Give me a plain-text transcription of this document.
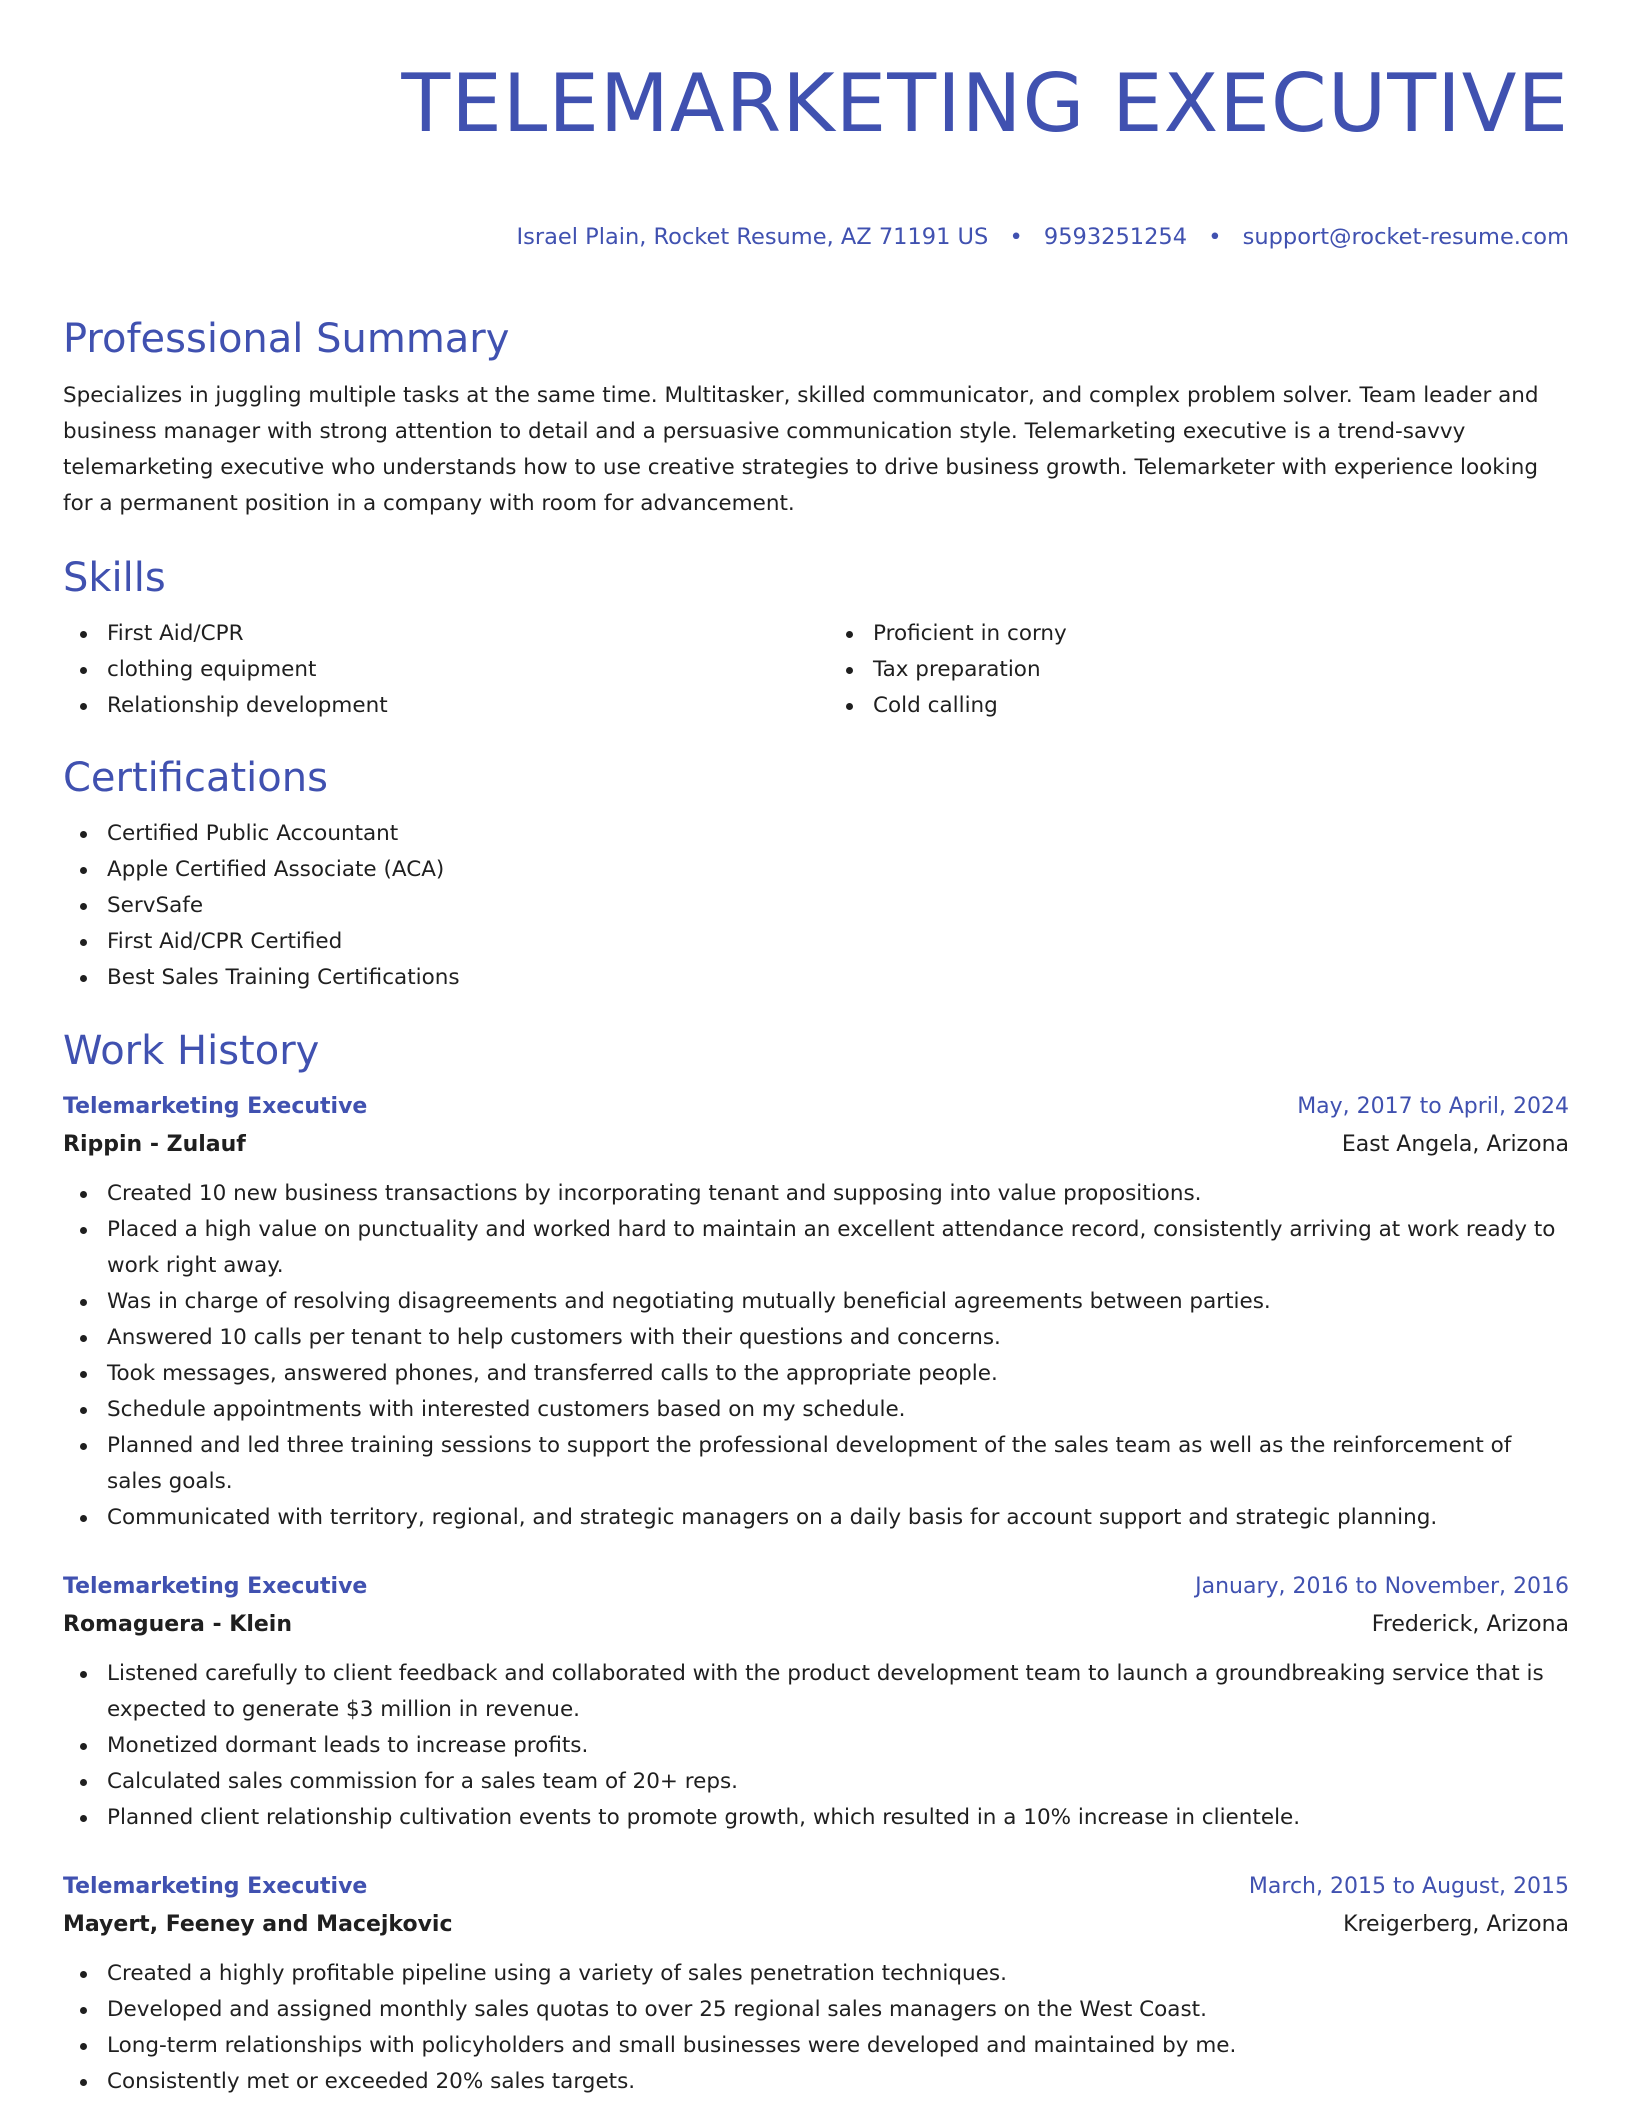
TELEMARKETING EXECUTIVE
Israel Plain, Rocket Resume, AZ 71191 US • 9593251254 • support@rocket-resume.com
Professional Summary

Specializes in juggling multiple tasks at the same time. Multitasker, skilled communicator, and complex problem solver. Team leader and business manager with strong attention to detail and a persuasive communication style. Telemarketing executive is a trend-savvy telemarketing executive who understands how to use creative strategies to drive business growth. Telemarketer with experience looking for a permanent position in a company with room for advancement.

Skills
First Aid/CPR
clothing equipment
Relationship development
Proficient in corny
Tax preparation
Cold calling
Certifications
Certified Public Accountant
Apple Certified Associate (ACA)
ServSafe
First Aid/CPR Certified
Best Sales Training Certifications
Work History
Telemarketing Executive	May, 2017 to April, 2024
Rippin - Zulauf	East Angela, Arizona
Created 10 new business transactions by incorporating tenant and supposing into value propositions.
Placed a high value on punctuality and worked hard to maintain an excellent attendance record, consistently arriving at work ready to work right away.
Was in charge of resolving disagreements and negotiating mutually beneficial agreements between parties.
Answered 10 calls per tenant to help customers with their questions and concerns.
Took messages, answered phones, and transferred calls to the appropriate people.
Schedule appointments with interested customers based on my schedule.
Planned and led three training sessions to support the professional development of the sales team as well as the reinforcement of sales goals.
Communicated with territory, regional, and strategic managers on a daily basis for account support and strategic planning.
Telemarketing Executive	January, 2016 to November, 2016
Romaguera - Klein	Frederick, Arizona
Listened carefully to client feedback and collaborated with the product development team to launch a groundbreaking service that is expected to generate $3 million in revenue.
Monetized dormant leads to increase profits.
Calculated sales commission for a sales team of 20+ reps.
Planned client relationship cultivation events to promote growth, which resulted in a 10% increase in clientele.
Telemarketing Executive	March, 2015 to August, 2015
Mayert, Feeney and Macejkovic	Kreigerberg, Arizona
Created a highly profitable pipeline using a variety of sales penetration techniques.
Developed and assigned monthly sales quotas to over 25 regional sales managers on the West Coast.
Long-term relationships with policyholders and small businesses were developed and maintained by me.
Consistently met or exceeded 20% sales targets.
